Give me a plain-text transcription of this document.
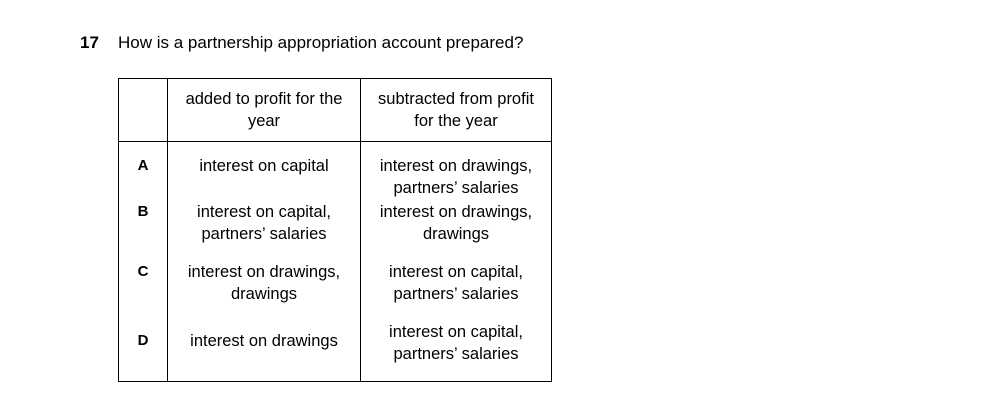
17 How is a partnership appropriation account prepared?

	added to profit for the
year	subtracted from profit
for the year

A	interest on capital	interest on drawings,
partners’ salaries

B	interest on capital,
partners’ salaries	interest on drawings,
drawings

C	interest on drawings,
drawings	interest on capital,
partners’ salaries

D	interest on drawings	interest on capital,
partners’ salaries
